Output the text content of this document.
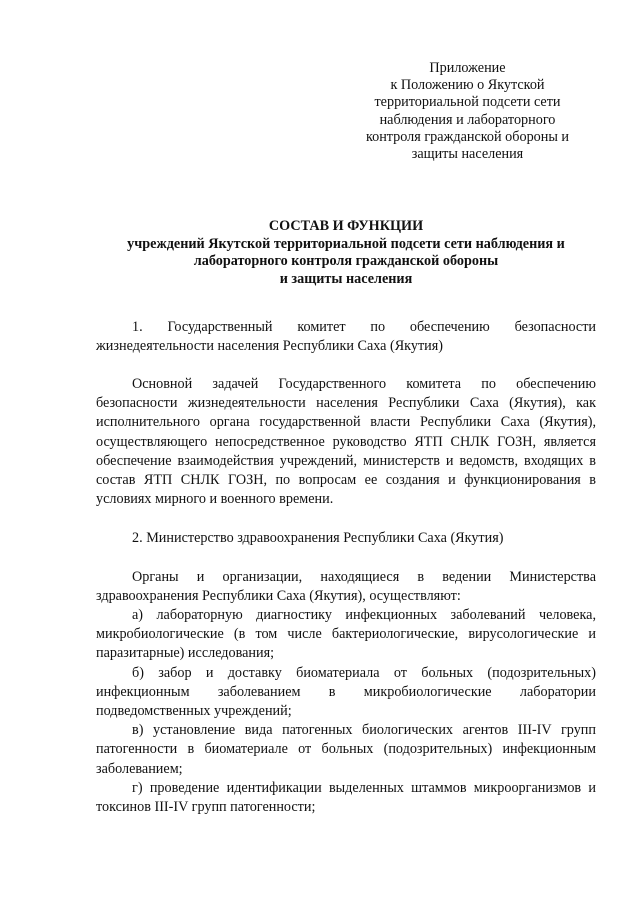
Приложение
к Положению о Якутской
территориальной подсети сети
наблюдения и лабораторного
контроля гражданской обороны и
защиты населения
СОСТАВ И ФУНКЦИИ
учреждений Якутской территориальной подсети сети наблюдения и
лабораторного контроля гражданской обороны
и защиты населения

1. Государственный комитет по обеспечению безопасности жизнедеятельности населения Республики Саха (Якутия)

Основной задачей Государственного комитета по обеспечению безопасности жизнедеятельности населения Республики Саха (Якутия), как исполнительного органа государственной власти Республики Саха (Якутия), осуществляющего непосредственное руководство ЯТП СНЛК ГОЗН, является обеспечение взаимодействия учреждений, министерств и ведомств, входящих в состав ЯТП СНЛК ГОЗН, по вопросам ее создания и функционирования в условиях мирного и военного времени.

2. Министерство здравоохранения Республики Саха (Якутия)

Органы и организации, находящиеся в ведении Министерства здравоохранения Республики Саха (Якутия), осуществляют:

а) лабораторную диагностику инфекционных заболеваний человека, микробиологические (в том числе бактериологические, вирусологические и паразитарные) исследования;

б) забор и доставку биоматериала от больных (подозрительных) инфекционным заболеванием в микробиологические лаборатории подведомственных учреждений;

в) установление вида патогенных биологических агентов III-IV групп патогенности в биоматериале от больных (подозрительных) инфекционным заболеванием;

г) проведение идентификации выделенных штаммов микроорганизмов и токсинов III-IV групп патогенности;
